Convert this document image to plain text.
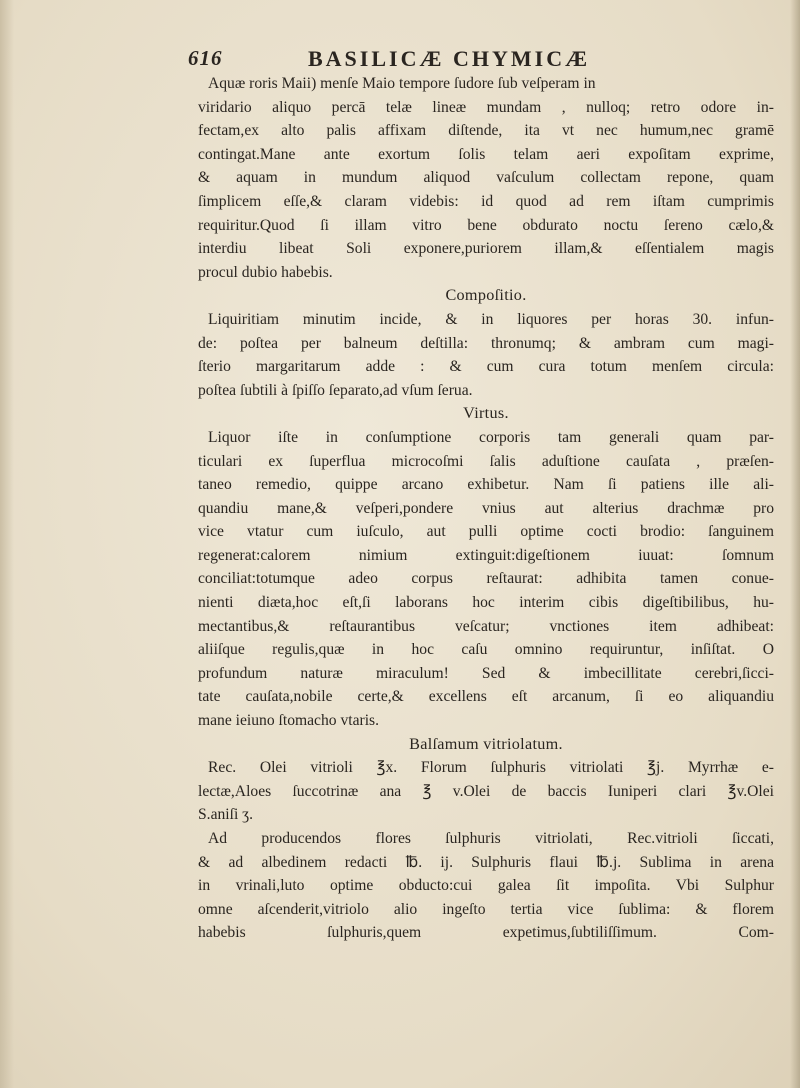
616	BASILICÆ CHYMICÆ
Aquæ roris Maii) menſe Maio tempore ſudore ſub veſperam in
viridario aliquo percā telæ lineæ mundam , nulloq; retro odore in-
fectam,ex alto palis affixam diſtende, ita vt nec humum,nec gramē
contingat.Mane ante exortum ſolis telam aeri expoſitam exprime,
& aquam in mundum aliquod vaſculum collectam repone, quam
ſimplicem eſſe,& claram videbis: id quod ad rem iſtam cumprimis
requiritur.Quod ſi illam vitro bene obdurato noctu ſereno cælo,&
interdiu libeat Soli exponere,puriorem illam,& eſſentialem magis
procul dubio habebis.
Compoſitio.
Liquiritiam minutim incide, & in liquores per horas 30. infun-
de: poſtea per balneum deſtilla: thronumq; & ambram cum magi-
ſterio margaritarum adde : & cum cura totum menſem circula:
poſtea ſubtili à ſpiſſo ſeparato,ad vſum ſerua.
Virtus.
Liquor iſte in conſumptione corporis tam generali quam par-
ticulari ex ſuperflua microcoſmi ſalis aduſtione cauſata , præſen-
taneo remedio, quippe arcano exhibetur. Nam ſi patiens ille ali-
quandiu mane,& veſperi,pondere vnius aut alterius drachmæ pro
vice vtatur cum iuſculo, aut pulli optime cocti brodio: ſanguinem
regenerat:calorem nimium extinguit:digeſtionem iuuat: ſomnum
conciliat:totumque adeo corpus reſtaurat: adhibita tamen conue-
nienti diæta,hoc eſt,ſi laborans hoc interim cibis digeſtibilibus, hu-
mectantibus,& reſtaurantibus veſcatur; vnctiones item adhibeat:
aliiſque regulis,quæ in hoc caſu omnino requiruntur, inſiſtat. O
profundum naturæ miraculum! Sed & imbecillitate cerebri,ſicci-
tate cauſata,nobile certe,& excellens eſt arcanum, ſi eo aliquandiu
mane ieiuno ſtomacho vtaris.
Balſamum vitriolatum.
Rec. Olei vitrioli ℥x. Florum ſulphuris vitriolati ℥j. Myrrhæ e-
lectæ,Aloes ſuccotrinæ ana ℥ v.Olei de baccis Iuniperi clari ℥v.Olei
S.aniſi ʒ.
Ad producendos flores ſulphuris vitriolati, Rec.vitrioli ſiccati,
& ad albedinem redacti ℔. ij. Sulphuris flaui ℔.j. Sublima in arena
in vrinali,luto optime obducto:cui galea ſit impoſita. Vbi Sulphur
omne aſcenderit,vitriolo alio ingeſto tertia vice ſublima: & florem
habebis ſulphuris,quem expetimus,ſubtiliſſimum. Com-
